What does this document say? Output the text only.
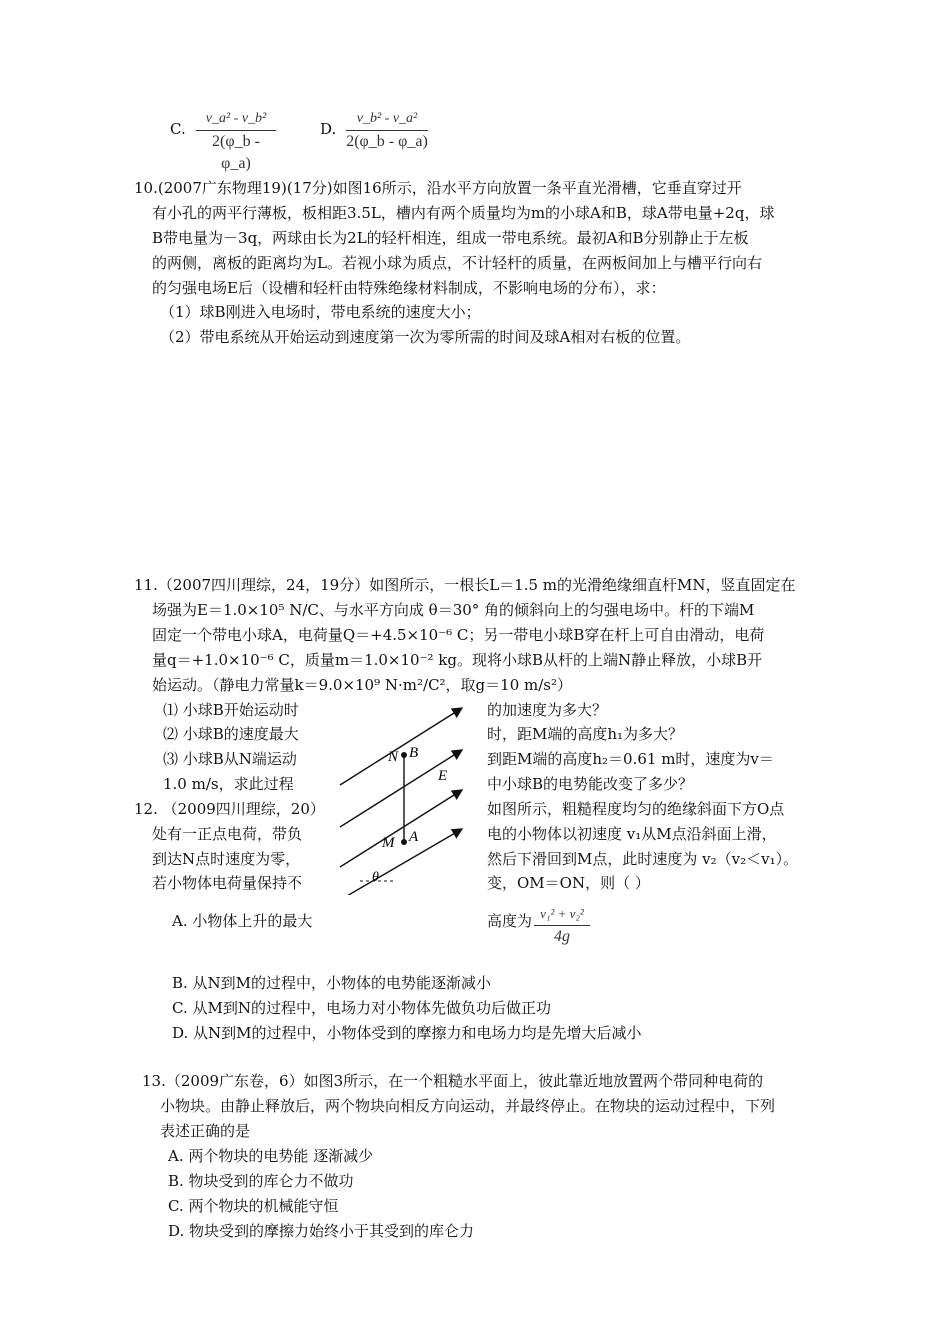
C.
v_a² - v_b²
2(φ_b - φ_a)
D.
v_b² - v_a²
2(φ_b - φ_a)
10.(2007广东物理19)(17分)如图16所示，沿水平方向放置一条平直光滑槽，它垂直穿过开
有小孔的两平行薄板，板相距3.5L，槽内有两个质量均为m的小球A和B，球A带电量+2q，球
B带电量为－3q，两球由长为2L的轻杆相连，组成一带电系统。最初A和B分别静止于左板
的两侧，离板的距离均为L。若视小球为质点，不计轻杆的质量，在两板间加上与槽平行向右
的匀强电场E后（设槽和轻杆由特殊绝缘材料制成，不影响电场的分布），求：
（1）球B刚进入电场时，带电系统的速度大小；
（2）带电系统从开始运动到速度第一次为零所需的时间及球A相对右板的位置。
11.（2007四川理综，24，19分）如图所示，一根长L＝1.5 m的光滑绝缘细直杆MN，竖直固定在
场强为E＝1.0×10⁵ N/C、与水平方向成 θ＝30° 角的倾斜向上的匀强电场中。杆的下端M
固定一个带电小球A，电荷量Q＝+4.5×10⁻⁶ C；另一带电小球B穿在杆上可自由滑动，电荷
量q＝+1.0×10⁻⁶ C，质量m＝1.0×10⁻² kg。现将小球B从杆的上端N静止释放，小球B开
始运动。（静电力常量k＝9.0×10⁹ N·m²/C²，取g＝10 m/s²）
⑴ 小球B开始运动时
⑵ 小球B的速度最大
⑶ 小球B从N端运动
1.0 m/s，求此过程
的加速度为多大？
时，距M端的高度h₁为多大？
到距M端的高度h₂＝0.61 m时，速度为v＝
中小球B的电势能改变了多少？
12. （2009四川理综，20）
处有一正点电荷，带负
到达N点时速度为零，
若小物体电荷量保持不
如图所示，粗糙程度均匀的绝缘斜面下方O点
电的小物体以初速度 v₁从M点沿斜面上滑，
然后下滑回到M点，此时速度为 v₂（v₂＜v₁）。
变，OM＝ON，则（ ）
A. 小物体上升的最大	高度为 v₁² + v₂²
4g
B. 从N到M的过程中，小物体的电势能逐渐减小
C. 从M到N的过程中，电场力对小物体先做负功后做正功
D. 从N到M的过程中，小物体受到的摩擦力和电场力均是先增大后减小
13.（2009广东卷，6）如图3所示，在一个粗糙水平面上，彼此靠近地放置两个带同种电荷的
小物块。由静止释放后，两个物块向相反方向运动，并最终停止。在物块的运动过程中，下列
表述正确的是
A. 两个物块的电势能 逐渐减少
B. 物块受到的库仑力不做功
C. 两个物块的机械能守恒
D. 物块受到的摩擦力始终小于其受到的库仑力
N B
E
M A
θ
